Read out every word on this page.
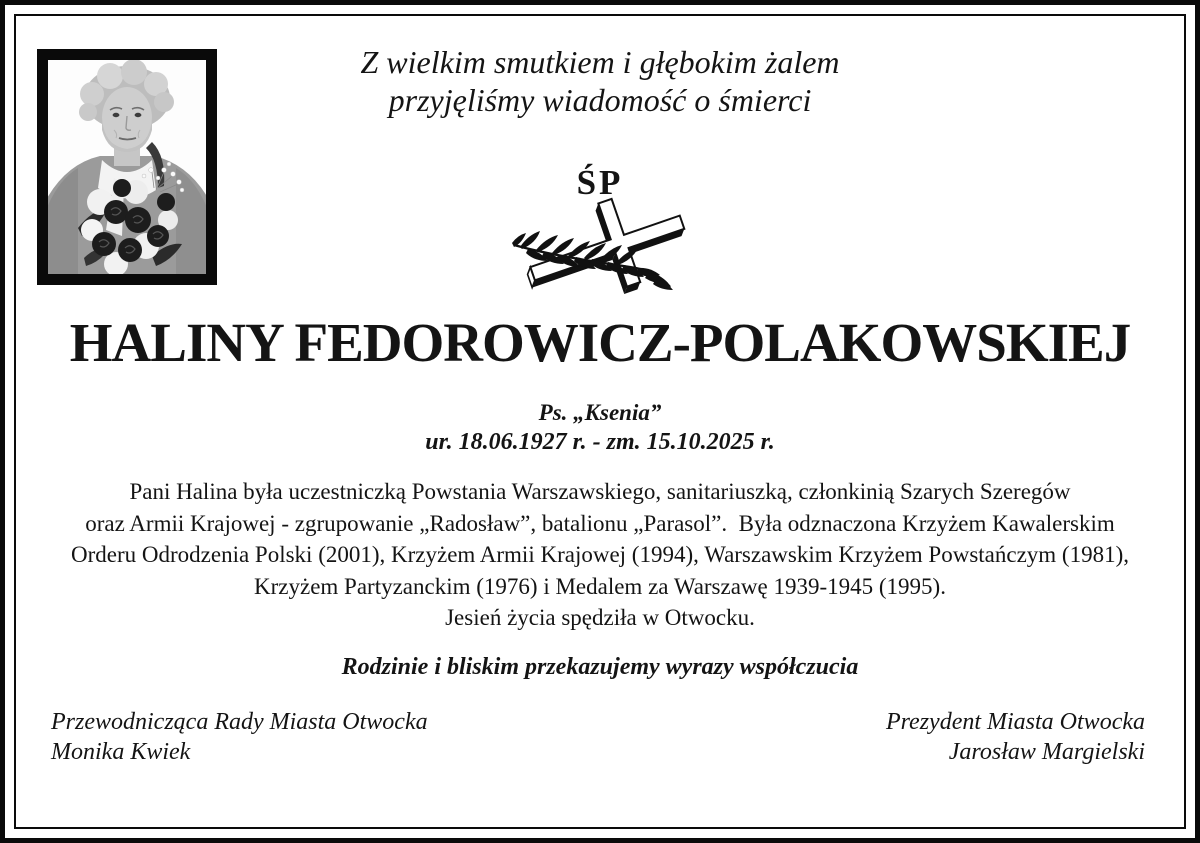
Z wielkim smutkiem i głębokim żalem
przyjęliśmy wiadomość o śmierci
ŚP
HALINY FEDOROWICZ-POLAKOWSKIEJ
Ps. „Ksenia”
ur. 18.06.1927 r. - zm. 15.10.2025 r.
Pani Halina była uczestniczką Powstania Warszawskiego, sanitariuszką, członkinią Szarych Szeregów
oraz Armii Krajowej - zgrupowanie „Radosław”, batalionu „Parasol”.  Była odznaczona Krzyżem Kawalerskim
Orderu Odrodzenia Polski (2001), Krzyżem Armii Krajowej (1994), Warszawskim Krzyżem Powstańczym (1981),
Krzyżem Partyzanckim (1976) i Medalem za Warszawę 1939-1945 (1995).
Jesień życia spędziła w Otwocku.
Rodzinie i bliskim przekazujemy wyrazy współczucia
Przewodnicząca Rady Miasta Otwocka
Monika Kwiek
Prezydent Miasta Otwocka
Jarosław Margielski
